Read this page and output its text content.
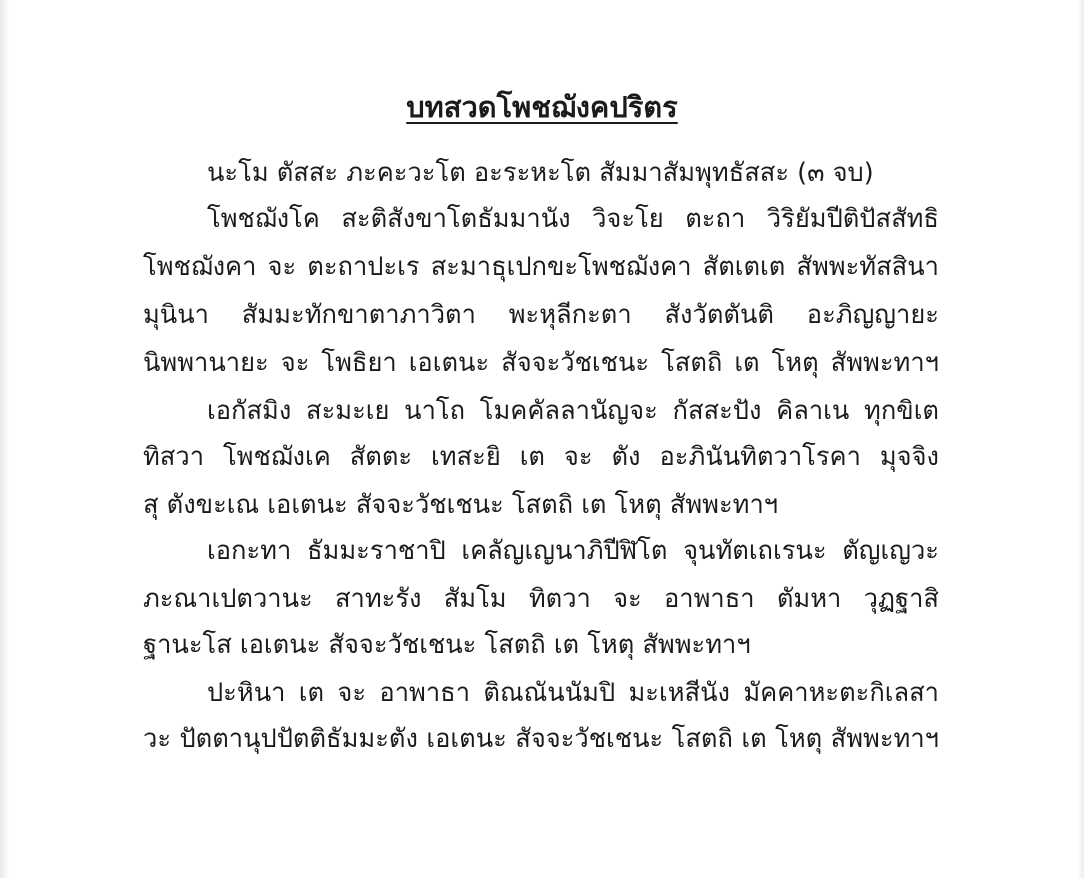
บทสวดโพชฌังคปริตร
นะโม ตัสสะ ภะคะวะโต อะระหะโต สัมมาสัมพุทธัสสะ (๓ จบ)
โพชฌังโค สะติสังขาโตธัมมานัง วิจะโย ตะถา วิริยัมปีติปัสสัทธิ
โพชฌังคา จะ ตะถาปะเร สะมาธุเปกขะโพชฌังคา สัตเตเต สัพพะทัสสินา
มุนินา สัมมะทักขาตาภาวิตา พะหุลีกะตา สังวัตตันติ อะภิญญายะ
นิพพานายะ จะ โพธิยา เอเตนะ สัจจะวัชเชนะ โสตถิ เต โหตุ สัพพะทาฯ
เอกัสมิง สะมะเย นาโถ โมคคัลลานัญจะ กัสสะปัง คิลาเน ทุกขิเต
ทิสวา โพชฌังเค สัตตะ เทสะยิ เต จะ ตัง อะภินันทิตวาโรคา มุจจิง
สุ ตังขะเณ เอเตนะ สัจจะวัชเชนะ โสตถิ เต โหตุ สัพพะทาฯ
เอกะทา ธัมมะราชาปิ เคลัญเญนาภิปีฬิโต จุนทัตเถเรนะ ตัญเญวะ
ภะณาเปตวานะ สาทะรัง สัมโม ทิตวา จะ อาพาธา ตัมหา วุฏฐาสิ
ฐานะโส เอเตนะ สัจจะวัชเชนะ โสตถิ เต โหตุ สัพพะทาฯ
ปะหินา เต จะ อาพาธา ติณณันนัมปิ มะเหสีนัง มัคคาหะตะกิเลสา
วะ ปัตตานุปปัตติธัมมะตัง เอเตนะ สัจจะวัชเชนะ โสตถิ เต โหตุ สัพพะทาฯ
